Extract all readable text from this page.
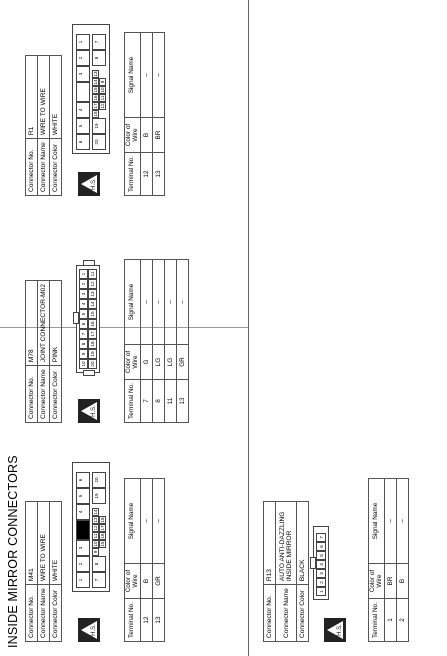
INSIDE MIRROR CONNECTORS Connector No.	M41
Connector Name	WIRE TO WIRE
Connector Color	WHITE
H.S.
1
2
3
4
5
6
7
8
9
10
11
12
13
14
15
16
17
18
19
20
Terminal No.	Color of Wire	Signal Name
12	B	–
13	GR	–
Connector No.	M78
Connector Name	JOINT CONNECTOR-M02
Connector Color	PINK
H.S.
10
9
8
7
6
5
4
3
2
1
20
19
18
17
16
15
14
13
12
11
Terminal No.	Color of Wire	Signal Name
7	G	–
8	LG	–
11	LG	–
13	GR	–
Connector No.	R1
Connector Name	WIRE TO WIRE
Connector Color	WHITE
H.S.
6
5
4
3
2
1
20
19
18
17
16
15
14
13
12
11
10
9
8
7
Terminal No.	Color of Wire	Signal Name
12	B	–
13	BR	–
Connector No.	R13
Connector Name	AUTO ANTI-DAZZLING INSIDE MIRROR
Connector Color	BLACK
H.S.
1
2
3
4
5
6
7
Terminal No.	Color of Wire	Signal Name
1	BR	–
2	B	–
